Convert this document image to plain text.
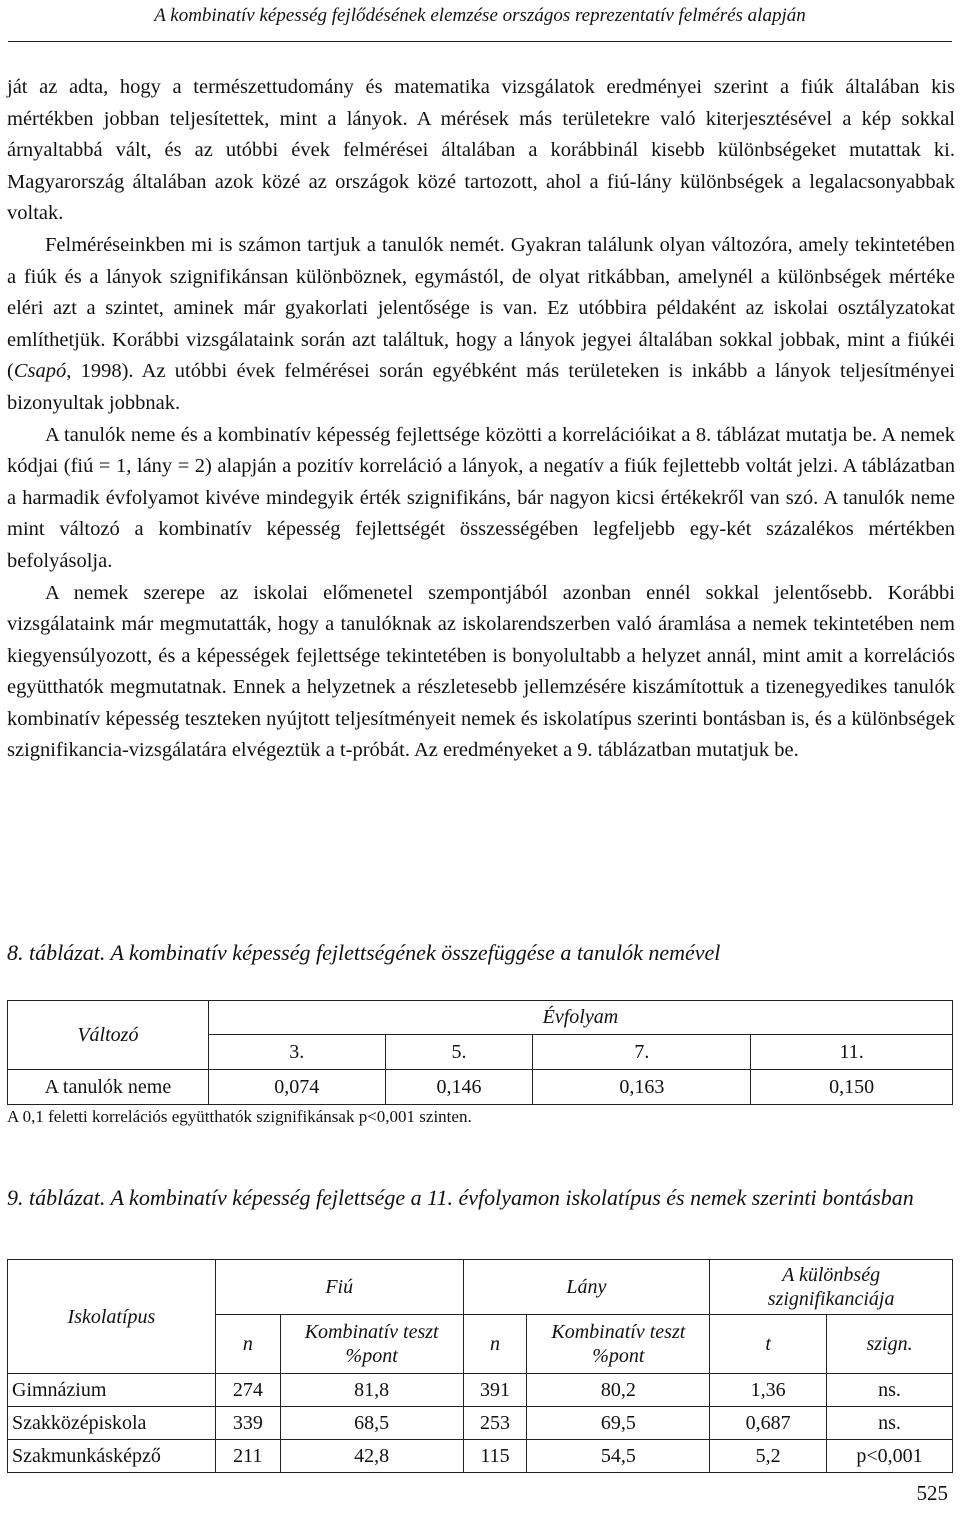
A kombinatív képesség fejlődésének elemzése országos reprezentatív felmérés alapján

ját az adta, hogy a természettudomány és matematika vizsgálatok eredményei szerint a fiúk általában kis mértékben jobban teljesítettek, mint a lányok. A mérések más területekre való kiterjesztésével a kép sokkal árnyaltabbá vált, és az utóbbi évek felmérései általában a korábbinál kisebb különbségeket mutattak ki. Magyarország általában azok közé az országok közé tartozott, ahol a fiú-lány különbségek a legalacsonyabbak voltak.

Felméréseinkben mi is számon tartjuk a tanulók nemét. Gyakran találunk olyan változóra, amely tekintetében a fiúk és a lányok szignifikánsan különböznek, egymástól, de olyat ritkábban, amelynél a különbségek mértéke eléri azt a szintet, aminek már gyakorlati jelentősége is van. Ez utóbbira példaként az iskolai osztályzatokat említhetjük. Korábbi vizsgálataink során azt találtuk, hogy a lányok jegyei általában sokkal jobbak, mint a fiúkéi (Csapó, 1998). Az utóbbi évek felmérései során egyébként más területeken is inkább a lányok teljesítményei bizonyultak jobbnak.

A tanulók neme és a kombinatív képesség fejlettsége közötti a korrelációikat a 8. táblázat mutatja be. A nemek kódjai (fiú = 1, lány = 2) alapján a pozitív korreláció a lányok, a negatív a fiúk fejlettebb voltát jelzi. A táblázatban a harmadik évfolyamot kivéve mindegyik érték szignifikáns, bár nagyon kicsi értékekről van szó. A tanulók neme mint változó a kombinatív képesség fejlettségét összességében legfeljebb egy-két százalékos mértékben befolyásolja.

A nemek szerepe az iskolai előmenetel szempontjából azonban ennél sokkal jelentősebb. Korábbi vizsgálataink már megmutatták, hogy a tanulóknak az iskolarendszerben való áramlása a nemek tekintetében nem kiegyensúlyozott, és a képességek fejlettsége tekintetében is bonyolultabb a helyzet annál, mint amit a korrelációs együtthatók megmutatnak. Ennek a helyzetnek a részletesebb jellemzésére kiszámítottuk a tizenegyedikes tanulók kombinatív képesség teszteken nyújtott teljesítményeit nemek és iskolatípus szerinti bontásban is, és a különbségek szignifikancia-vizsgálatára elvégeztük a t-próbát. Az eredményeket a 9. táblázatban mutatjuk be.

8. táblázat. A kombinatív képesség fejlettségének összefüggése a tanulók nemével

Változó	Évfolyam			
	3.	5.	7.	11.
A tanulók neme	0,074	0,146	0,163	0,150

A 0,1 feletti korrelációs együtthatók szignifikánsak p<0,001 szinten.

9. táblázat. A kombinatív képesség fejlettsége a 11. évfolyamon iskolatípus és nemek szerinti bontásban

Iskolatípus	Fiú		Lány		A különbség
szignifikanciája	
	n	Kombinatív teszt
%pont	n	Kombinatív teszt
%pont	t	szign.
Gimnázium	274	81,8	391	80,2	1,36	ns.
Szakközépiskola	339	68,5	253	69,5	0,687	ns.
Szakmunkásképző	211	42,8	115	54,5	5,2	p<0,001
525
